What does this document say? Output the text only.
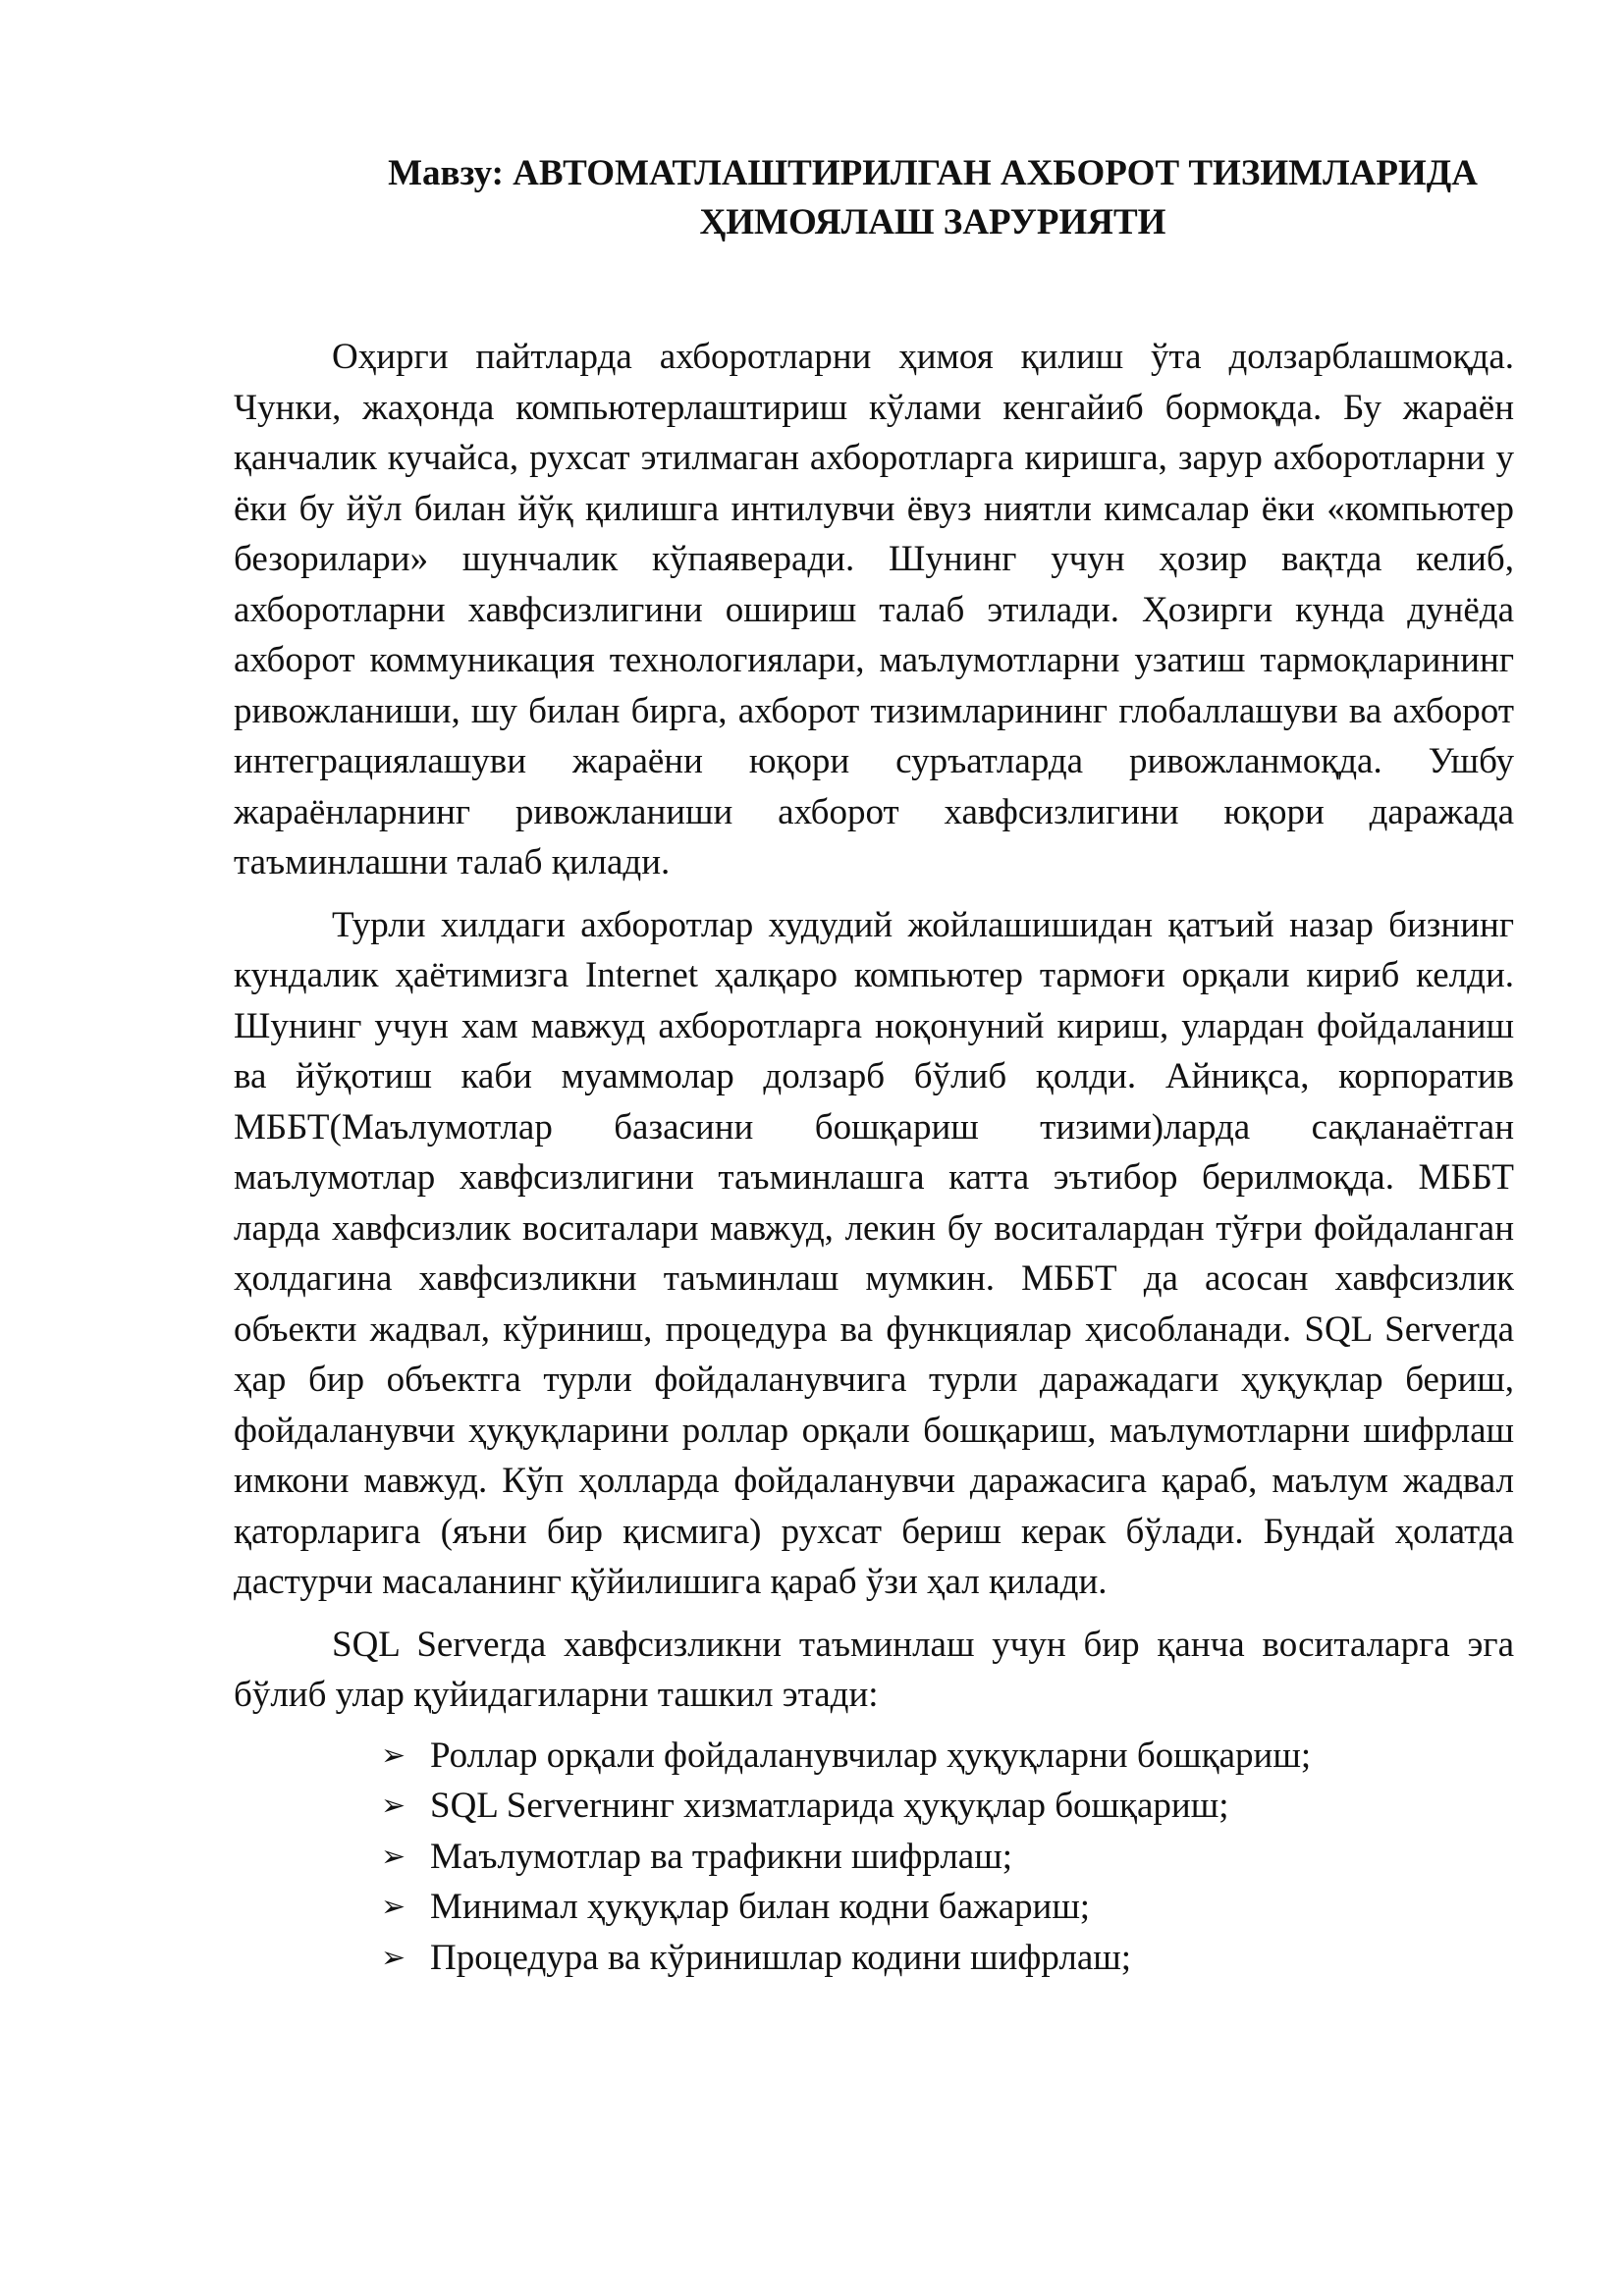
Мавзу: АВТОМАТЛАШТИРИЛГАН АХБОРОТ ТИЗИМЛАРИДА
ҲИМОЯЛАШ ЗАРУРИЯТИ

Оҳирги пайтларда ахборотларни ҳимоя қилиш ўта долзарблашмоқда. Чунки, жаҳонда компьютерлаштириш кўлами кенгайиб бормоқда. Бу жараён қанчалик кучайса, рухсат этилмаган ахборотларга киришга, зарур ахборотларни у ёки бу йўл билан йўқ қилишга интилувчи ёвуз ниятли кимсалар ёки «компьютер безорилари» шунчалик кўпаяверади. Шунинг учун ҳозир вақтда келиб, ахборотларни хавфсизлигини ошириш талаб этилади. Ҳозирги кунда дунёда ахборот коммуникация технологиялари, маълумотларни узатиш тармоқларининг ривожланиши, шу билан бирга, ахборот тизимларининг глобаллашуви ва ахборот интеграциялашуви жараёни юқори суръатларда ривожланмоқда. Ушбу жараёнларнинг ривожланиши ахборот хавфсизлигини юқори даражада таъминлашни талаб қилади.

Турли хилдаги ахборотлар худудий жойлашишидан қатъий назар бизнинг кундалик ҳаётимизга Internet ҳалқаро компьютер тармоғи орқали кириб келди. Шунинг учун хам мавжуд ахборотларга ноқонуний кириш, улардан фойдаланиш ва йўқотиш каби муаммолар долзарб бўлиб қолди. Айниқса, корпоратив МББТ(Маълумотлар базасини бошқариш тизими)ларда сақланаётган маълумотлар хавфсизлигини таъминлашга катта эътибор берилмоқда. МББТ ларда хавфсизлик воситалари мавжуд, лекин бу воситалардан тўғри фойдаланган ҳолдагина хавфсизликни таъминлаш мумкин. МББТ да асосан хавфсизлик объекти жадвал, кўриниш, процедура ва функциялар ҳисобланади. SQL Serverда ҳар бир объектга турли фойдаланувчига турли даражадаги ҳуқуқлар бериш, фойдаланувчи ҳуқуқларини роллар орқали бошқариш, маълумотларни шифрлаш имкони мавжуд. Кўп ҳолларда фойдаланувчи даражасига қараб, маълум жадвал қаторларига (яъни бир қисмига) рухсат бериш керак бўлади. Бундай ҳолатда дастурчи масаланинг қўйилишига қараб ўзи ҳал қилади.

SQL Serverда хавфсизликни таъминлаш учун бир қанча воситаларга эга бўлиб улар қуйидагиларни ташкил этади:

➢ Роллар орқали фойдаланувчилар ҳуқуқларни бошқариш;
➢ SQL Serverнинг хизматларида ҳуқуқлар бошқариш;
➢ Маълумотлар ва трафикни шифрлаш;
➢ Минимал ҳуқуқлар билан кодни бажариш;
➢ Процедура ва кўринишлар кодини шифрлаш;
